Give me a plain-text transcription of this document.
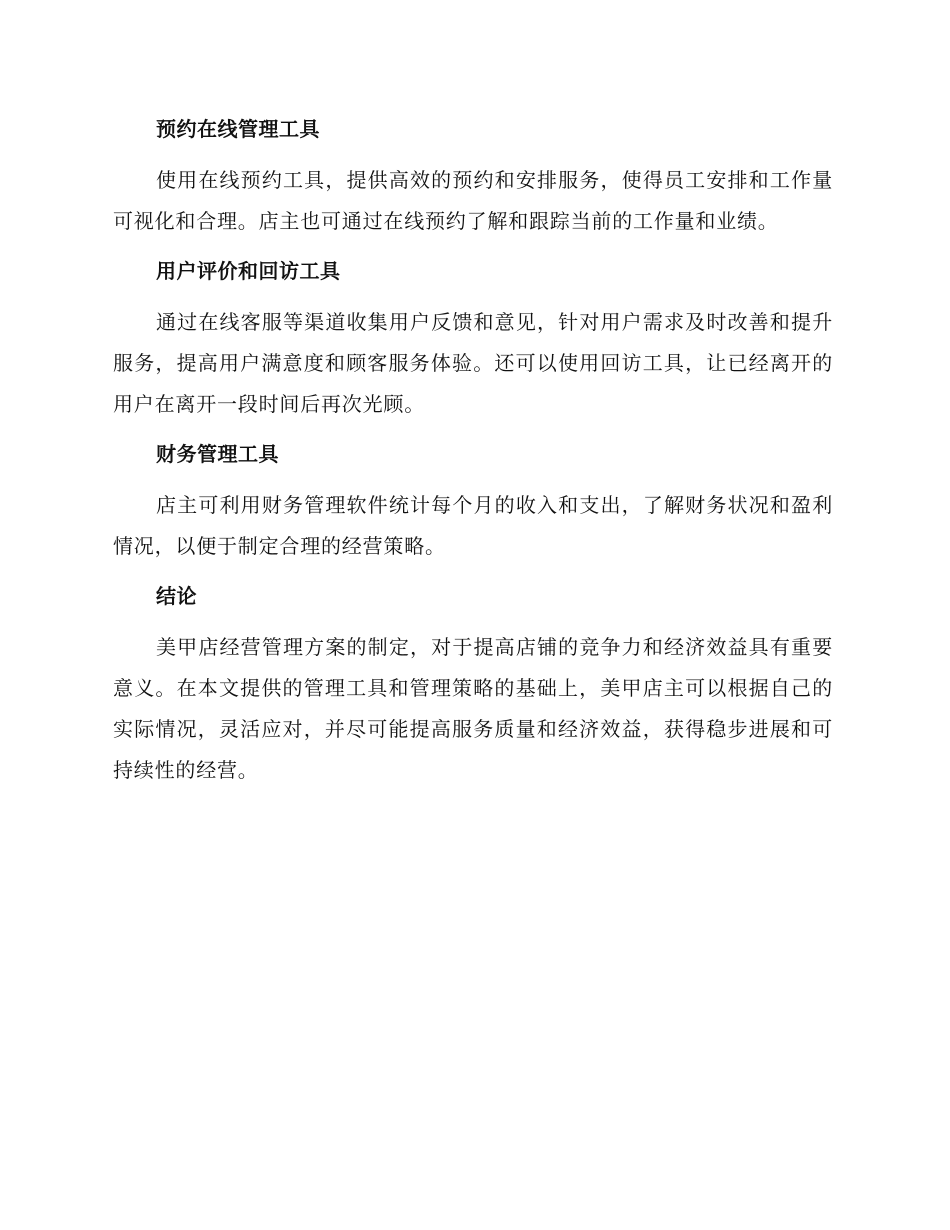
预约在线管理工具
使用在线预约工具，提供高效的预约和安排服务，使得员工安排和工作量可视化和合理。店主也可通过在线预约了解和跟踪当前的工作量和业绩。
用户评价和回访工具
通过在线客服等渠道收集用户反馈和意见，针对用户需求及时改善和提升服务，提高用户满意度和顾客服务体验。还可以使用回访工具，让已经离开的用户在离开一段时间后再次光顾。
财务管理工具
店主可利用财务管理软件统计每个月的收入和支出，了解财务状况和盈利情况，以便于制定合理的经营策略。
结论
美甲店经营管理方案的制定，对于提高店铺的竞争力和经济效益具有重要意义。在本文提供的管理工具和管理策略的基础上，美甲店主可以根据自己的实际情况，灵活应对，并尽可能提高服务质量和经济效益，获得稳步进展和可持续性的经营。
